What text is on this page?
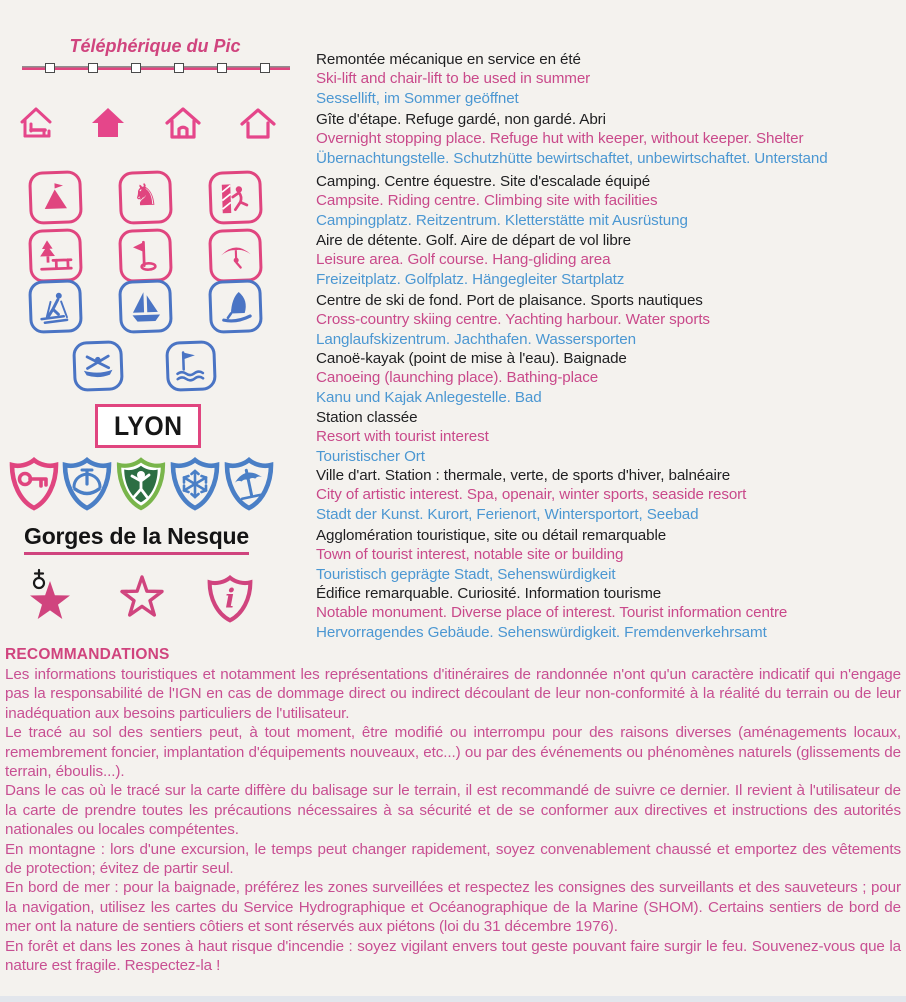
Téléphérique du Pic
♞
LYON
Gorges de la Nesque
i
Remontée mécanique en service en été
Ski-lift and chair-lift to be used in summer
Sessellift, im Sommer geöffnet
Gîte d'étape. Refuge gardé, non gardé. Abri
Overnight stopping place. Refuge hut with keeper, without keeper. Shelter
Übernachtungstelle. Schutzhütte bewirtschaftet, unbewirtschaftet. Unterstand
Camping. Centre équestre. Site d'escalade équipé
Campsite. Riding centre. Climbing site with facilities
Campingplatz. Reitzentrum. Kletterstätte mit Ausrüstung
Aire de détente. Golf. Aire de départ de vol libre
Leisure area. Golf course. Hang-gliding area
Freizeitplatz. Golfplatz. Hängegleiter Startplatz
Centre de ski de fond. Port de plaisance. Sports nautiques
Cross-country skiing centre. Yachting harbour. Water sports
Langlaufskizentrum. Jachthafen. Wassersporten
Canoë-kayak (point de mise à l'eau). Baignade
Canoeing (launching place). Bathing-place
Kanu und Kajak Anlegestelle. Bad
Station classée
Resort with tourist interest
Touristischer Ort
Ville d'art. Station : thermale, verte, de sports d'hiver, balnéaire
City of artistic interest. Spa, openair, winter sports, seaside resort
Stadt der Kunst. Kurort, Ferienort, Wintersportort, Seebad
Agglomération touristique, site ou détail remarquable
Town of tourist interest, notable site or building
Touristisch geprägte Stadt, Sehenswürdigkeit
Édifice remarquable. Curiosité. Information tourisme
Notable monument. Diverse place of interest. Tourist information centre
Hervorragendes Gebäude. Sehenswürdigkeit. Fremdenverkehrsamt
RECOMMANDATIONS

Les informations touristiques et notamment les représentations d'itinéraires de randonnée n'ont qu'un caractère indicatif qui n'engage pas la responsabilité de l'IGN en cas de dommage direct ou indirect découlant de leur non-conformité à la réalité du terrain ou de leur inadéquation aux besoins particuliers de l'utilisateur.

Le tracé au sol des sentiers peut, à tout moment, être modifié ou interrompu pour des raisons diverses (aménagements locaux, remembrement foncier, implantation d'équipements nouveaux, etc...) ou par des événements ou phénomènes naturels (glissements de terrain, éboulis...).

Dans le cas où le tracé sur la carte diffère du balisage sur le terrain, il est recommandé de suivre ce dernier. Il revient à l'utilisateur de la carte de prendre toutes les précautions nécessaires à sa sécurité et de se conformer aux directives et instructions des autorités nationales ou locales compétentes.

En montagne : lors d'une excursion, le temps peut changer rapidement, soyez convenablement chaussé et emportez des vêtements de protection; évitez de partir seul.

En bord de mer : pour la baignade, préférez les zones surveillées et respectez les consignes des surveillants et des sauveteurs ; pour la navigation, utilisez les cartes du Service Hydrographique et Océanographique de la Marine (SHOM). Certains sentiers de bord de mer ont la nature de sentiers côtiers et sont réservés aux piétons (loi du 31 décembre 1976).

En forêt et dans les zones à haut risque d'incendie : soyez vigilant envers tout geste pouvant faire surgir le feu. Souvenez-vous que la nature est fragile. Respectez-la !
